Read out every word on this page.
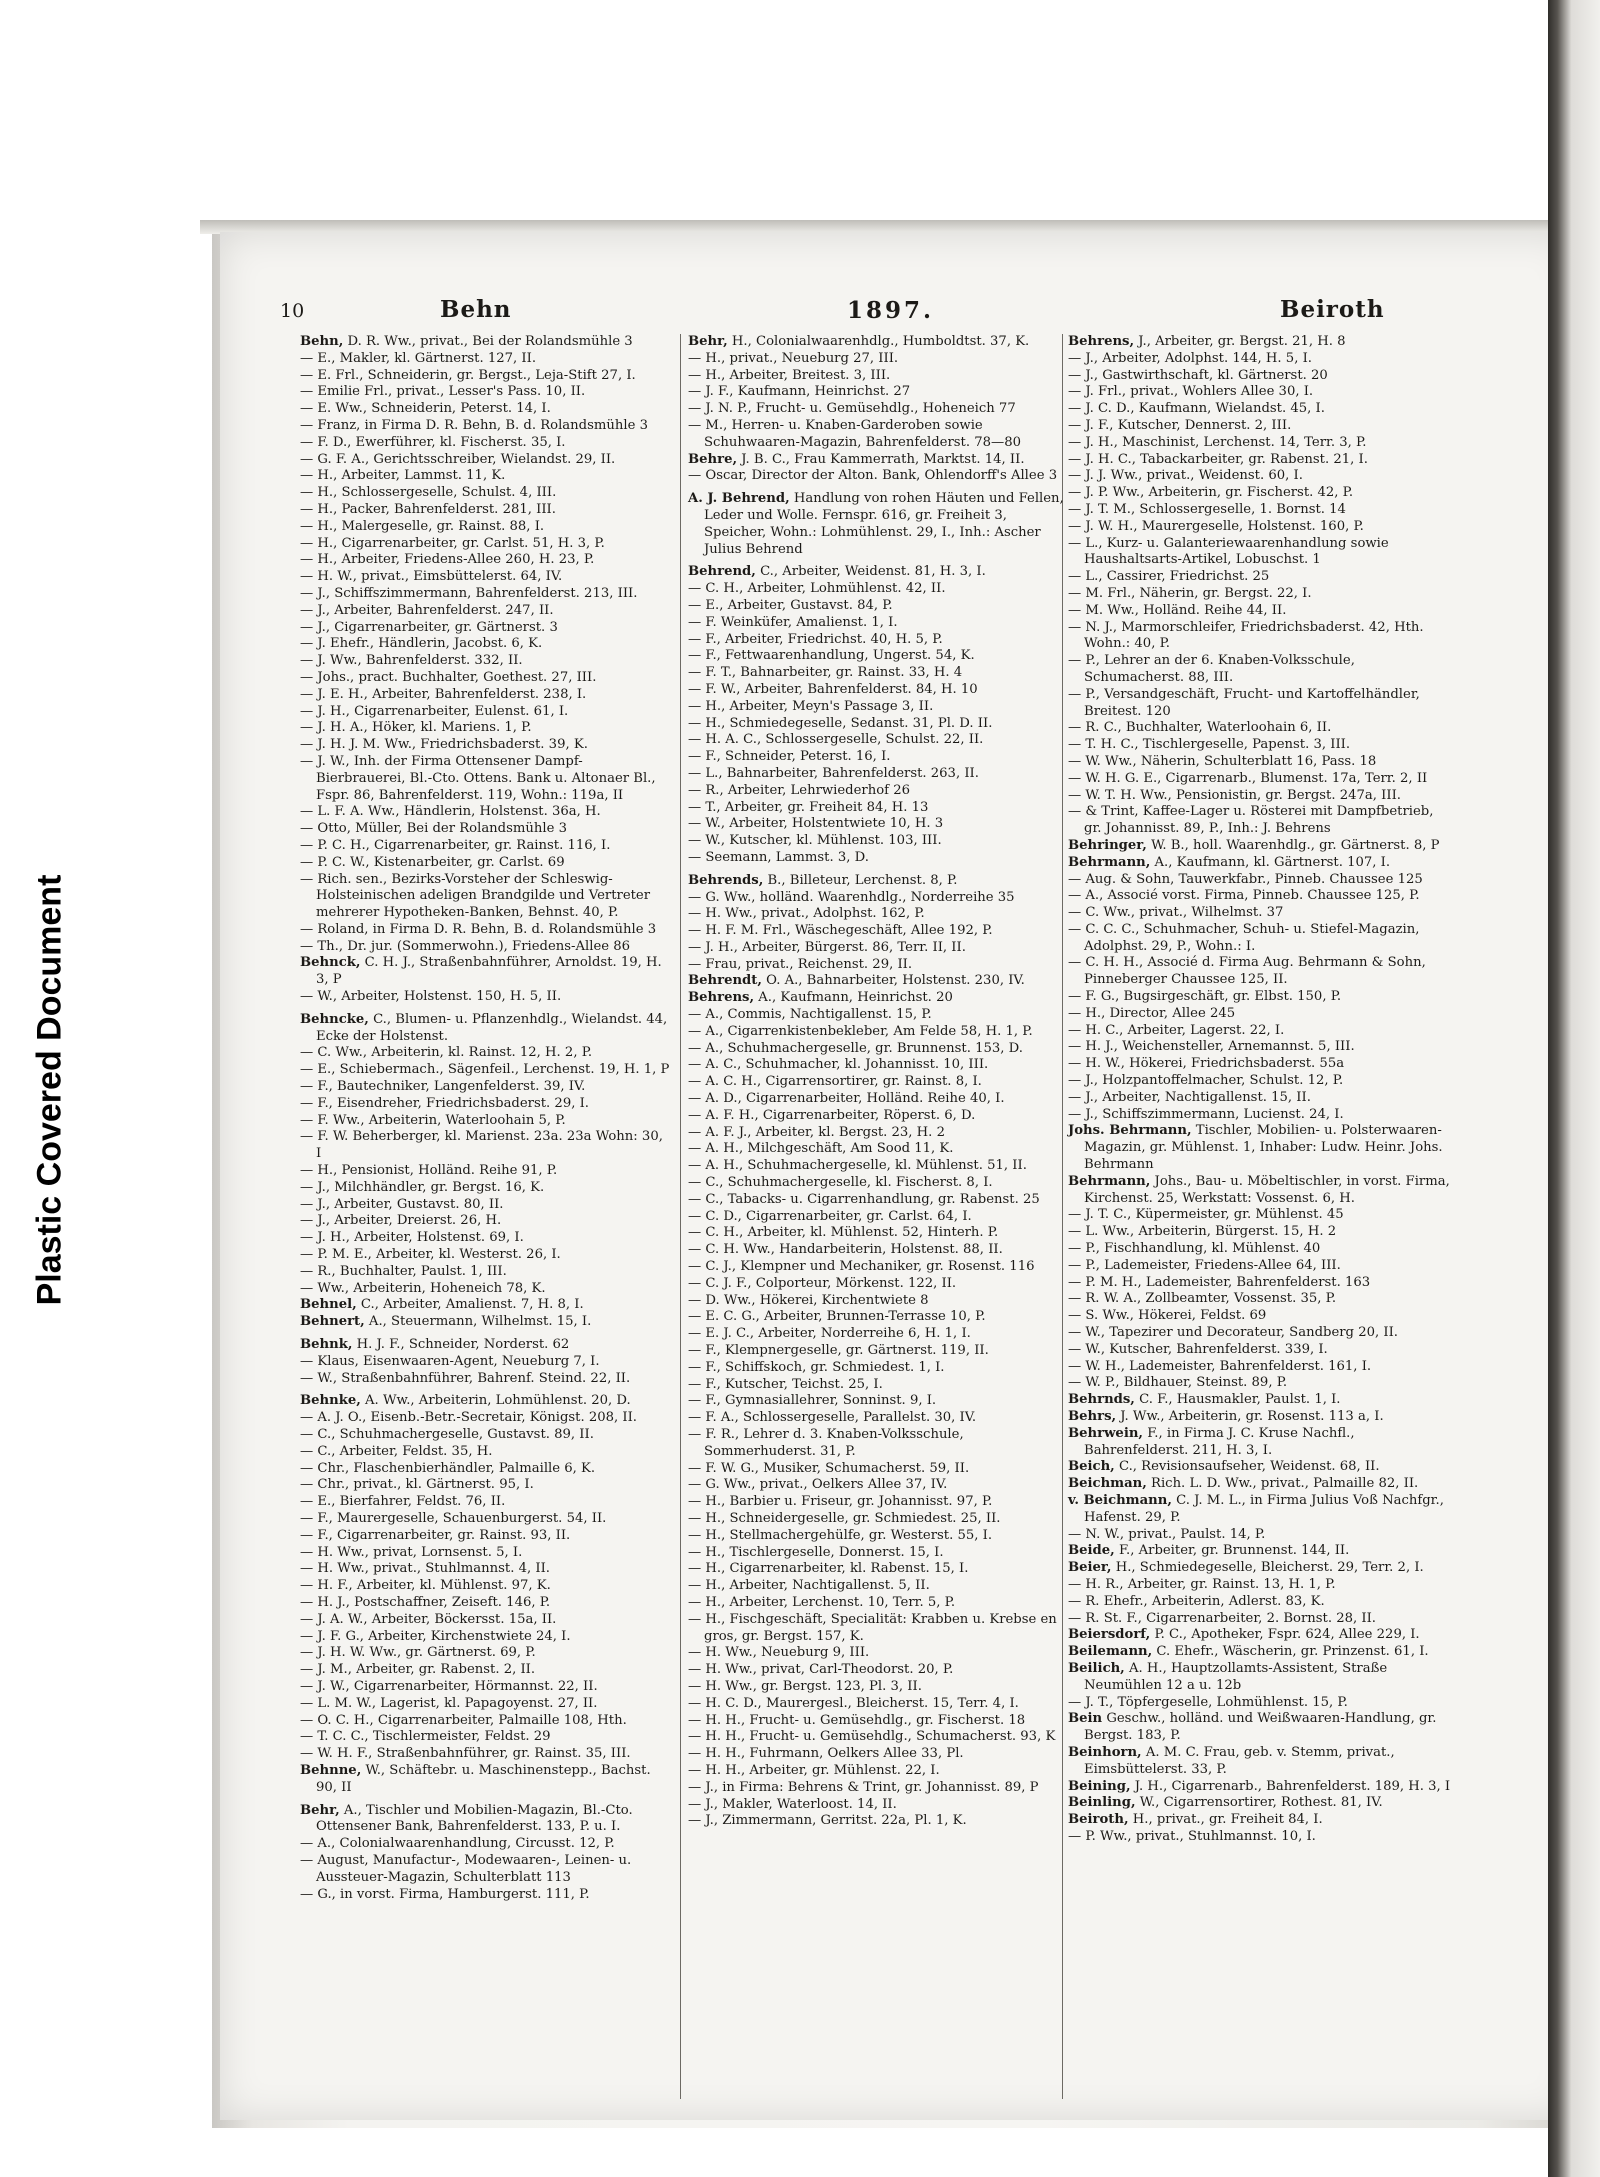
Plastic Covered Document
10	Behn	1897.	Beiroth
Behn, D. R. Ww., privat., Bei der Rolandsmühle 3
— E., Makler, kl. Gärtnerst. 127, II.
— E. Frl., Schneiderin, gr. Bergst., Leja-Stift 27, I.
— Emilie Frl., privat., Lesser's Pass. 10, II.
— E. Ww., Schneiderin, Peterst. 14, I.
— Franz, in Firma D. R. Behn, B. d. Rolandsmühle 3
— F. D., Ewerführer, kl. Fischerst. 35, I.
— G. F. A., Gerichtsschreiber, Wielandst. 29, II.
— H., Arbeiter, Lammst. 11, K.
— H., Schlossergeselle, Schulst. 4, III.
— H., Packer, Bahrenfelderst. 281, III.
— H., Malergeselle, gr. Rainst. 88, I.
— H., Cigarrenarbeiter, gr. Carlst. 51, H. 3, P.
— H., Arbeiter, Friedens-Allee 260, H. 23, P.
— H. W., privat., Eimsbüttelerst. 64, IV.
— J., Schiffszimmermann, Bahrenfelderst. 213, III.
— J., Arbeiter, Bahrenfelderst. 247, II.
— J., Cigarrenarbeiter, gr. Gärtnerst. 3
— J. Ehefr., Händlerin, Jacobst. 6, K.
— J. Ww., Bahrenfelderst. 332, II.
— Johs., pract. Buchhalter, Goethest. 27, III.
— J. E. H., Arbeiter, Bahrenfelderst. 238, I.
— J. H., Cigarrenarbeiter, Eulenst. 61, I.
— J. H. A., Höker, kl. Mariens. 1, P.
— J. H. J. M. Ww., Friedrichsbaderst. 39, K.
— J. W., Inh. der Firma Ottensener Dampf-Bierbrauerei, Bl.-Cto. Ottens. Bank u. Altonaer Bl., Fspr. 86, Bahrenfelderst. 119, Wohn.: 119a, II
— L. F. A. Ww., Händlerin, Holstenst. 36a, H.
— Otto, Müller, Bei der Rolandsmühle 3
— P. C. H., Cigarrenarbeiter, gr. Rainst. 116, I.
— P. C. W., Kistenarbeiter, gr. Carlst. 69
— Rich. sen., Bezirks-Vorsteher der Schleswig-Holsteinischen adeligen Brandgilde und Vertreter mehrerer Hypotheken-Banken, Behnst. 40, P.
— Roland, in Firma D. R. Behn, B. d. Rolandsmühle 3
— Th., Dr. jur. (Sommerwohn.), Friedens-Allee 86
Behnck, C. H. J., Straßenbahnführer, Arnoldst. 19, H. 3, P
— W., Arbeiter, Holstenst. 150, H. 5, II.
Behncke, C., Blumen- u. Pflanzenhdlg., Wielandst. 44, Ecke der Holstenst.
— C. Ww., Arbeiterin, kl. Rainst. 12, H. 2, P.
— E., Schiebermach., Sägenfeil., Lerchenst. 19, H. 1, P
— F., Bautechniker, Langenfelderst. 39, IV.
— F., Eisendreher, Friedrichsbaderst. 29, I.
— F. Ww., Arbeiterin, Waterloohain 5, P.
— F. W. Beherberger, kl. Marienst. 23a. 23a Wohn: 30, I
— H., Pensionist, Holländ. Reihe 91, P.
— J., Milchhändler, gr. Bergst. 16, K.
— J., Arbeiter, Gustavst. 80, II.
— J., Arbeiter, Dreierst. 26, H.
— J. H., Arbeiter, Holstenst. 69, I.
— P. M. E., Arbeiter, kl. Westerst. 26, I.
— R., Buchhalter, Paulst. 1, III.
— Ww., Arbeiterin, Hoheneich 78, K.
Behnel, C., Arbeiter, Amalienst. 7, H. 8, I.
Behnert, A., Steuermann, Wilhelmst. 15, I.
Behnk, H. J. F., Schneider, Norderst. 62
— Klaus, Eisenwaaren-Agent, Neueburg 7, I.
— W., Straßenbahnführer, Bahrenf. Steind. 22, II.
Behnke, A. Ww., Arbeiterin, Lohmühlenst. 20, D.
— A. J. O., Eisenb.-Betr.-Secretair, Königst. 208, II.
— C., Schuhmachergeselle, Gustavst. 89, II.
— C., Arbeiter, Feldst. 35, H.
— Chr., Flaschenbierhändler, Palmaille 6, K.
— Chr., privat., kl. Gärtnerst. 95, I.
— E., Bierfahrer, Feldst. 76, II.
— F., Maurergeselle, Schauenburgerst. 54, II.
— F., Cigarrenarbeiter, gr. Rainst. 93, II.
— H. Ww., privat, Lornsenst. 5, I.
— H. Ww., privat., Stuhlmannst. 4, II.
— H. F., Arbeiter, kl. Mühlenst. 97, K.
— H. J., Postschaffner, Zeiseft. 146, P.
— J. A. W., Arbeiter, Böckersst. 15a, II.
— J. F. G., Arbeiter, Kirchenstwiete 24, I.
— J. H. W. Ww., gr. Gärtnerst. 69, P.
— J. M., Arbeiter, gr. Rabenst. 2, II.
— J. W., Cigarrenarbeiter, Hörmannst. 22, II.
— L. M. W., Lagerist, kl. Papagoyenst. 27, II.
— O. C. H., Cigarrenarbeiter, Palmaille 108, Hth.
— T. C. C., Tischlermeister, Feldst. 29
— W. H. F., Straßenbahnführer, gr. Rainst. 35, III.
Behnne, W., Schäftebr. u. Maschinenstepp., Bachst. 90, II
Behr, A., Tischler und Mobilien-Magazin, Bl.-Cto. Ottensener Bank, Bahrenfelderst. 133, P. u. I.
— A., Colonialwaarenhandlung, Circusst. 12, P.
— August, Manufactur-, Modewaaren-, Leinen- u. Aussteuer-Magazin, Schulterblatt 113
— G., in vorst. Firma, Hamburgerst. 111, P.
Behr, H., Colonialwaarenhdlg., Humboldtst. 37, K.
— H., privat., Neueburg 27, III.
— H., Arbeiter, Breitest. 3, III.
— J. F., Kaufmann, Heinrichst. 27
— J. N. P., Frucht- u. Gemüsehdlg., Hoheneich 77
— M., Herren- u. Knaben-Garderoben sowie Schuhwaaren-Magazin, Bahrenfelderst. 78—80
Behre, J. B. C., Frau Kammerrath, Marktst. 14, II.
— Oscar, Director der Alton. Bank, Ohlendorff's Allee 3
A. J. Behrend, Handlung von rohen Häuten und Fellen, Leder und Wolle. Fernspr. 616, gr. Freiheit 3, Speicher, Wohn.: Lohmühlenst. 29, I., Inh.: Ascher Julius Behrend
Behrend, C., Arbeiter, Weidenst. 81, H. 3, I.
— C. H., Arbeiter, Lohmühlenst. 42, II.
— E., Arbeiter, Gustavst. 84, P.
— F. Weinküfer, Amalienst. 1, I.
— F., Arbeiter, Friedrichst. 40, H. 5, P.
— F., Fettwaarenhandlung, Ungerst. 54, K.
— F. T., Bahnarbeiter, gr. Rainst. 33, H. 4
— F. W., Arbeiter, Bahrenfelderst. 84, H. 10
— H., Arbeiter, Meyn's Passage 3, II.
— H., Schmiedegeselle, Sedanst. 31, Pl. D. II.
— H. A. C., Schlossergeselle, Schulst. 22, II.
— F., Schneider, Peterst. 16, I.
— L., Bahnarbeiter, Bahrenfelderst. 263, II.
— R., Arbeiter, Lehrwiederhof 26
— T., Arbeiter, gr. Freiheit 84, H. 13
— W., Arbeiter, Holstentwiete 10, H. 3
— W., Kutscher, kl. Mühlenst. 103, III.
— Seemann, Lammst. 3, D.
Behrends, B., Billeteur, Lerchenst. 8, P.
— G. Ww., holländ. Waarenhdlg., Norderreihe 35
— H. Ww., privat., Adolphst. 162, P.
— H. F. M. Frl., Wäschegeschäft, Allee 192, P.
— J. H., Arbeiter, Bürgerst. 86, Terr. II, II.
— Frau, privat., Reichenst. 29, II.
Behrendt, O. A., Bahnarbeiter, Holstenst. 230, IV.
Behrens, A., Kaufmann, Heinrichst. 20
— A., Commis, Nachtigallenst. 15, P.
— A., Cigarrenkistenbekleber, Am Felde 58, H. 1, P.
— A., Schuhmachergeselle, gr. Brunnenst. 153, D.
— A. C., Schuhmacher, kl. Johannisst. 10, III.
— A. C. H., Cigarrensortirer, gr. Rainst. 8, I.
— A. D., Cigarrenarbeiter, Holländ. Reihe 40, I.
— A. F. H., Cigarrenarbeiter, Röperst. 6, D.
— A. F. J., Arbeiter, kl. Bergst. 23, H. 2
— A. H., Milchgeschäft, Am Sood 11, K.
— A. H., Schuhmachergeselle, kl. Mühlenst. 51, II.
— C., Schuhmachergeselle, kl. Fischerst. 8, I.
— C., Tabacks- u. Cigarrenhandlung, gr. Rabenst. 25
— C. D., Cigarrenarbeiter, gr. Carlst. 64, I.
— C. H., Arbeiter, kl. Mühlenst. 52, Hinterh. P.
— C. H. Ww., Handarbeiterin, Holstenst. 88, II.
— C. J., Klempner und Mechaniker, gr. Rosenst. 116
— C. J. F., Colporteur, Mörkenst. 122, II.
— D. Ww., Hökerei, Kirchentwiete 8
— E. C. G., Arbeiter, Brunnen-Terrasse 10, P.
— E. J. C., Arbeiter, Norderreihe 6, H. 1, I.
— F., Klempnergeselle, gr. Gärtnerst. 119, II.
— F., Schiffskoch, gr. Schmiedest. 1, I.
— F., Kutscher, Teichst. 25, I.
— F., Gymnasiallehrer, Sonninst. 9, I.
— F. A., Schlossergeselle, Parallelst. 30, IV.
— F. R., Lehrer d. 3. Knaben-Volksschule, Sommerhuderst. 31, P.
— F. W. G., Musiker, Schumacherst. 59, II.
— G. Ww., privat., Oelkers Allee 37, IV.
— H., Barbier u. Friseur, gr. Johannisst. 97, P.
— H., Schneidergeselle, gr. Schmiedest. 25, II.
— H., Stellmachergehülfe, gr. Westerst. 55, I.
— H., Tischlergeselle, Donnerst. 15, I.
— H., Cigarrenarbeiter, kl. Rabenst. 15, I.
— H., Arbeiter, Nachtigallenst. 5, II.
— H., Arbeiter, Lerchenst. 10, Terr. 5, P.
— H., Fischgeschäft, Specialität: Krabben u. Krebse en gros, gr. Bergst. 157, K.
— H. Ww., Neueburg 9, III.
— H. Ww., privat, Carl-Theodorst. 20, P.
— H. Ww., gr. Bergst. 123, Pl. 3, II.
— H. C. D., Maurergesl., Bleicherst. 15, Terr. 4, I.
— H. H., Frucht- u. Gemüsehdlg., gr. Fischerst. 18
— H. H., Frucht- u. Gemüsehdlg., Schumacherst. 93, K
— H. H., Fuhrmann, Oelkers Allee 33, Pl.
— H. H., Arbeiter, gr. Mühlenst. 22, I.
— J., in Firma: Behrens & Trint, gr. Johannisst. 89, P
— J., Makler, Waterloost. 14, II.
— J., Zimmermann, Gerritst. 22a, Pl. 1, K.
Behrens, J., Arbeiter, gr. Bergst. 21, H. 8
— J., Arbeiter, Adolphst. 144, H. 5, I.
— J., Gastwirthschaft, kl. Gärtnerst. 20
— J. Frl., privat., Wohlers Allee 30, I.
— J. C. D., Kaufmann, Wielandst. 45, I.
— J. F., Kutscher, Dennerst. 2, III.
— J. H., Maschinist, Lerchenst. 14, Terr. 3, P.
— J. H. C., Tabackarbeiter, gr. Rabenst. 21, I.
— J. J. Ww., privat., Weidenst. 60, I.
— J. P. Ww., Arbeiterin, gr. Fischerst. 42, P.
— J. T. M., Schlossergeselle, 1. Bornst. 14
— J. W. H., Maurergeselle, Holstenst. 160, P.
— L., Kurz- u. Galanteriewaarenhandlung sowie Haushaltsarts-Artikel, Lobuschst. 1
— L., Cassirer, Friedrichst. 25
— M. Frl., Näherin, gr. Bergst. 22, I.
— M. Ww., Holländ. Reihe 44, II.
— N. J., Marmorschleifer, Friedrichsbaderst. 42, Hth. Wohn.: 40, P.
— P., Lehrer an der 6. Knaben-Volksschule, Schumacherst. 88, III.
— P., Versandgeschäft, Frucht- und Kartoffelhändler, Breitest. 120
— R. C., Buchhalter, Waterloohain 6, II.
— T. H. C., Tischlergeselle, Papenst. 3, III.
— W. Ww., Näherin, Schulterblatt 16, Pass. 18
— W. H. G. E., Cigarrenarb., Blumenst. 17a, Terr. 2, II
— W. T. H. Ww., Pensionistin, gr. Bergst. 247a, III.
— & Trint, Kaffee-Lager u. Rösterei mit Dampfbetrieb, gr. Johannisst. 89, P., Inh.: J. Behrens
Behringer, W. B., holl. Waarenhdlg., gr. Gärtnerst. 8, P
Behrmann, A., Kaufmann, kl. Gärtnerst. 107, I.
— Aug. & Sohn, Tauwerkfabr., Pinneb. Chaussee 125
— A., Associé vorst. Firma, Pinneb. Chaussee 125, P.
— C. Ww., privat., Wilhelmst. 37
— C. C. C., Schuhmacher, Schuh- u. Stiefel-Magazin, Adolphst. 29, P., Wohn.: I.
— C. H. H., Associé d. Firma Aug. Behrmann & Sohn, Pinneberger Chaussee 125, II.
— F. G., Bugsirgeschäft, gr. Elbst. 150, P.
— H., Director, Allee 245
— H. C., Arbeiter, Lagerst. 22, I.
— H. J., Weichensteller, Arnemannst. 5, III.
— H. W., Hökerei, Friedrichsbaderst. 55a
— J., Holzpantoffelmacher, Schulst. 12, P.
— J., Arbeiter, Nachtigallenst. 15, II.
— J., Schiffszimmermann, Lucienst. 24, I.
Johs. Behrmann, Tischler, Mobilien- u. Polsterwaaren-Magazin, gr. Mühlenst. 1, Inhaber: Ludw. Heinr. Johs. Behrmann
Behrmann, Johs., Bau- u. Möbeltischler, in vorst. Firma, Kirchenst. 25, Werkstatt: Vossenst. 6, H.
— J. T. C., Küpermeister, gr. Mühlenst. 45
— L. Ww., Arbeiterin, Bürgerst. 15, H. 2
— P., Fischhandlung, kl. Mühlenst. 40
— P., Lademeister, Friedens-Allee 64, III.
— P. M. H., Lademeister, Bahrenfelderst. 163
— R. W. A., Zollbeamter, Vossenst. 35, P.
— S. Ww., Hökerei, Feldst. 69
— W., Tapezirer und Decorateur, Sandberg 20, II.
— W., Kutscher, Bahrenfelderst. 339, I.
— W. H., Lademeister, Bahrenfelderst. 161, I.
— W. P., Bildhauer, Steinst. 89, P.
Behrnds, C. F., Hausmakler, Paulst. 1, I.
Behrs, J. Ww., Arbeiterin, gr. Rosenst. 113 a, I.
Behrwein, F., in Firma J. C. Kruse Nachfl., Bahrenfelderst. 211, H. 3, I.
Beich, C., Revisionsaufseher, Weidenst. 68, II.
Beichman, Rich. L. D. Ww., privat., Palmaille 82, II.
v. Beichmann, C. J. M. L., in Firma Julius Voß Nachfgr., Hafenst. 29, P.
— N. W., privat., Paulst. 14, P.
Beide, F., Arbeiter, gr. Brunnenst. 144, II.
Beier, H., Schmiedegeselle, Bleicherst. 29, Terr. 2, I.
— H. R., Arbeiter, gr. Rainst. 13, H. 1, P.
— R. Ehefr., Arbeiterin, Adlerst. 83, K.
— R. St. F., Cigarrenarbeiter, 2. Bornst. 28, II.
Beiersdorf, P. C., Apotheker, Fspr. 624, Allee 229, I.
Beilemann, C. Ehefr., Wäscherin, gr. Prinzenst. 61, I.
Beilich, A. H., Hauptzollamts-Assistent, Straße Neumühlen 12 a u. 12b
— J. T., Töpfergeselle, Lohmühlenst. 15, P.
Bein Geschw., holländ. und Weißwaaren-Handlung, gr. Bergst. 183, P.
Beinhorn, A. M. C. Frau, geb. v. Stemm, privat., Eimsbüttelerst. 33, P.
Beining, J. H., Cigarrenarb., Bahrenfelderst. 189, H. 3, I
Beinling, W., Cigarrensortirer, Rothest. 81, IV.
Beiroth, H., privat., gr. Freiheit 84, I.
— P. Ww., privat., Stuhlmannst. 10, I.
